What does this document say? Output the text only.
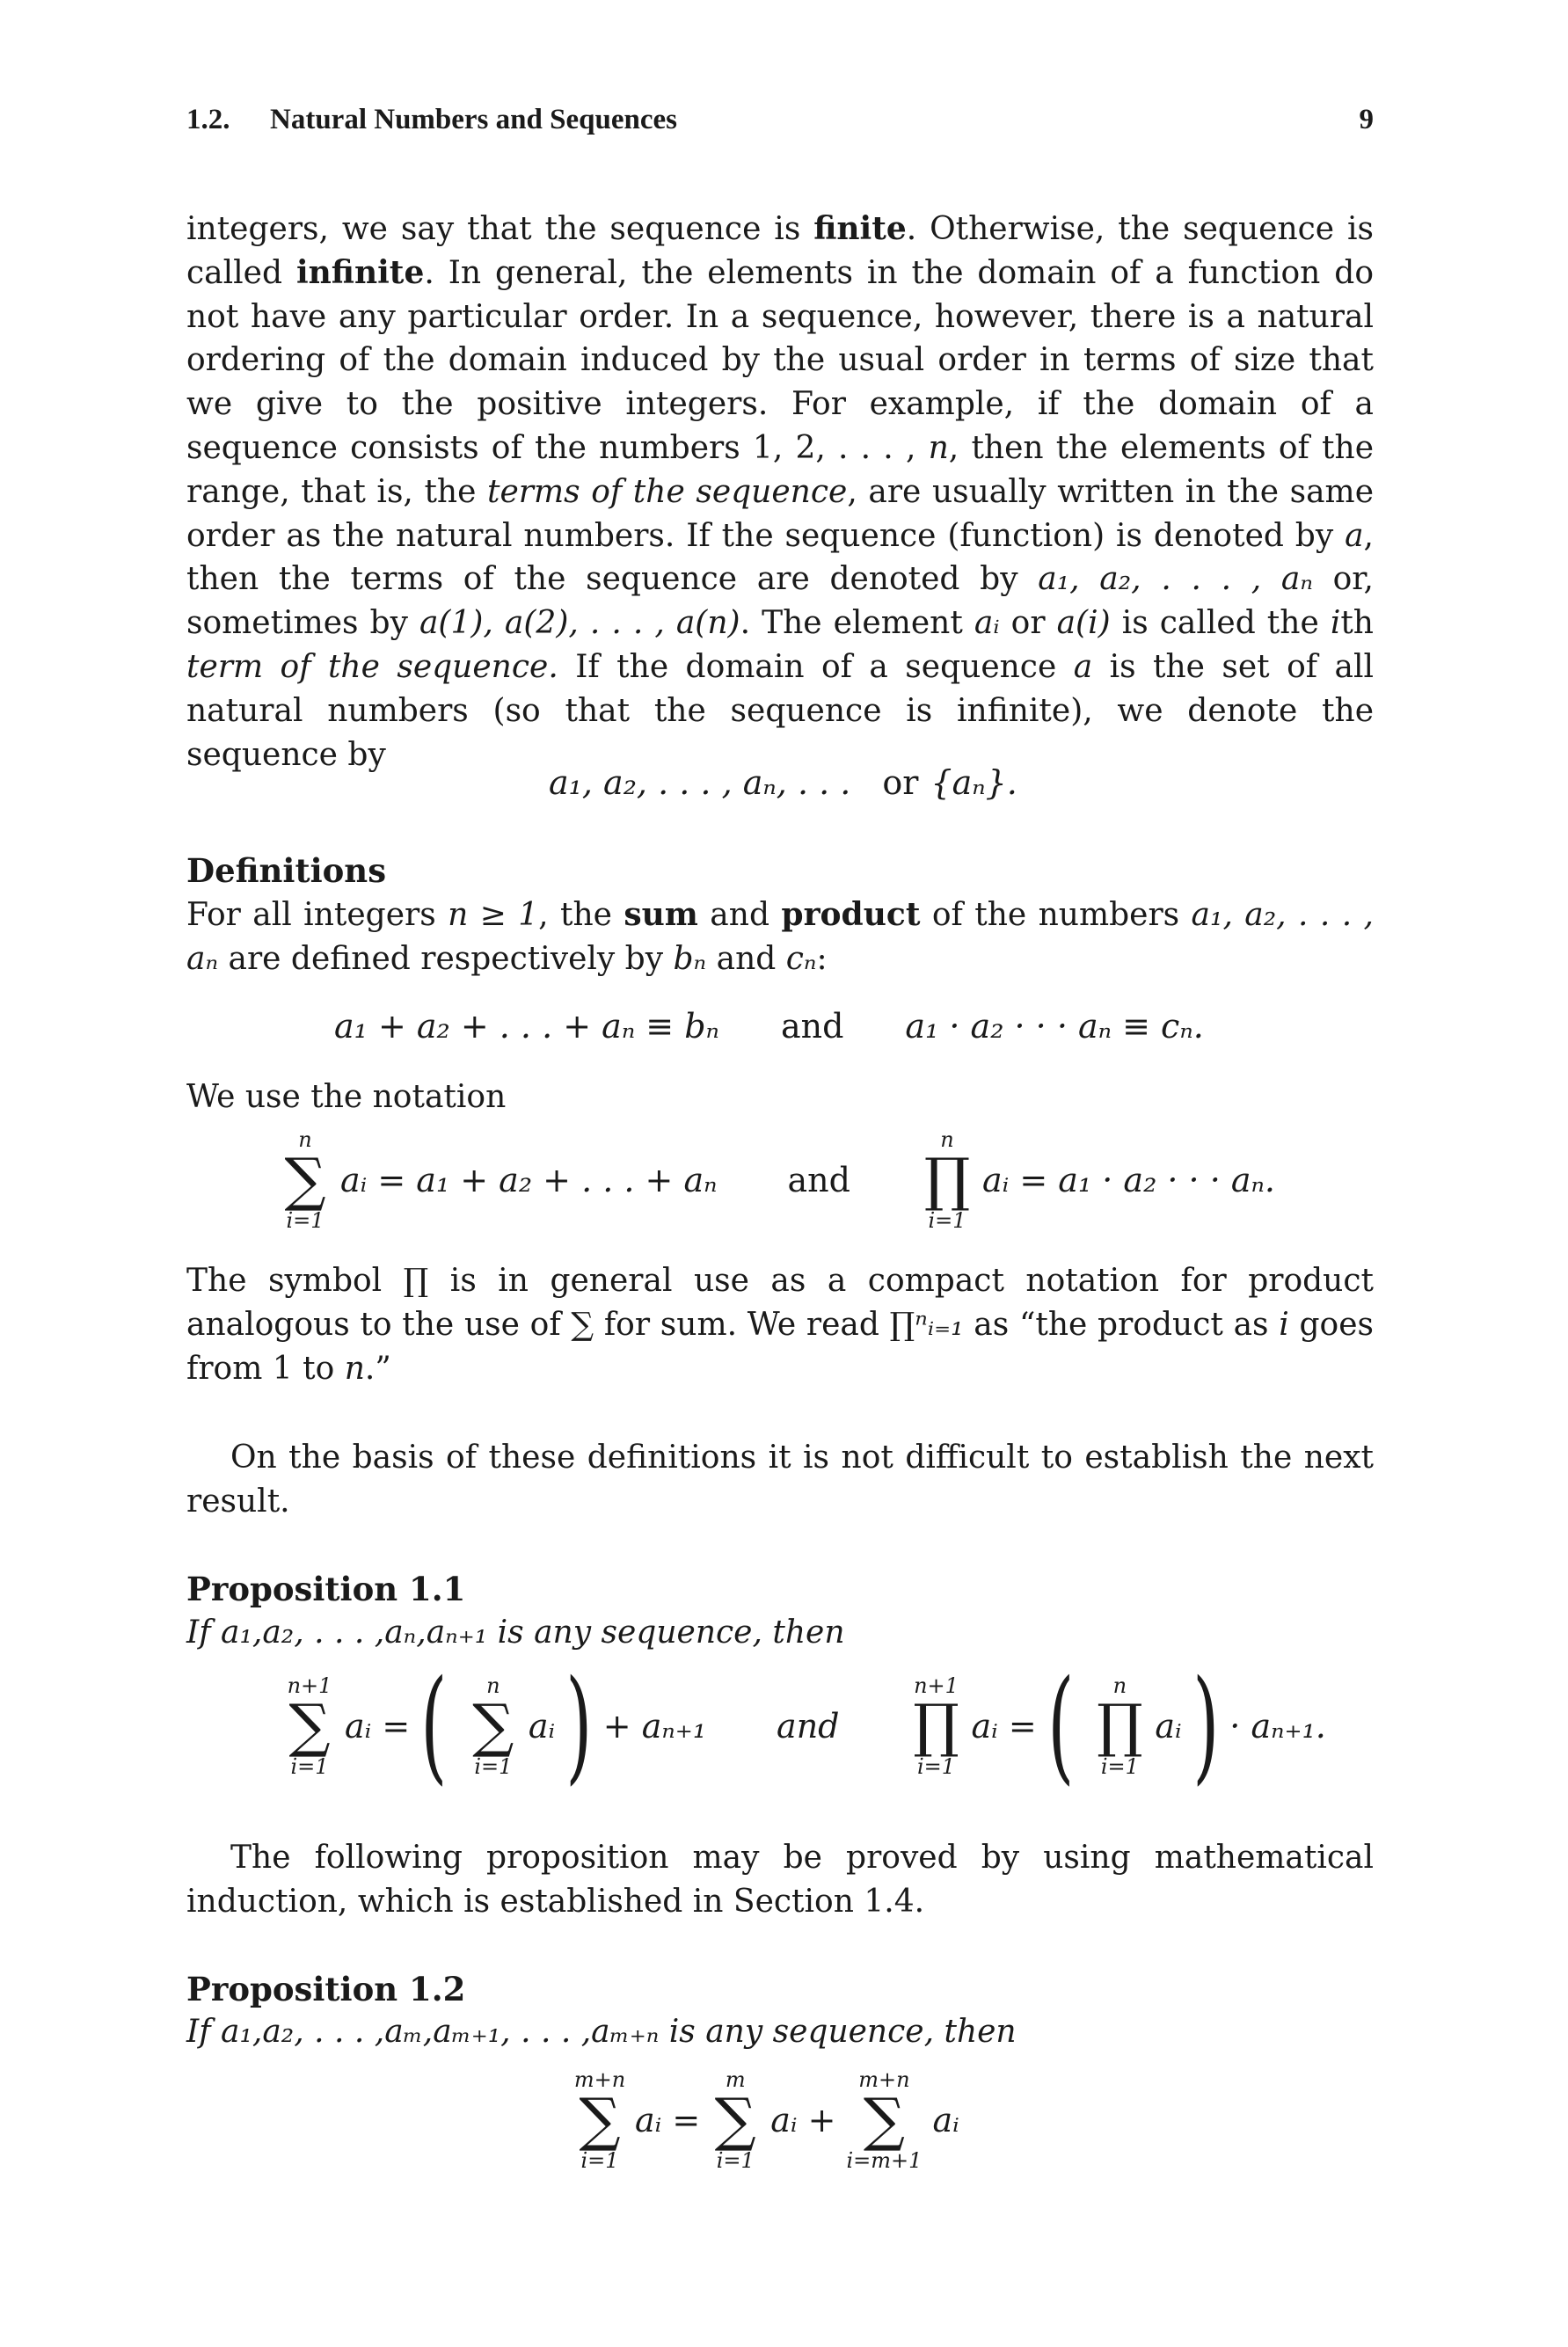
1.2. Natural Numbers and Sequences	9
integers, we say that the sequence is finite. Otherwise, the sequence is called infinite. In general, the elements in the domain of a function do not have any particular order. In a sequence, however, there is a natural ordering of the domain induced by the usual order in terms of size that we give to the positive integers. For example, if the domain of a sequence consists of the numbers 1, 2, . . . , n, then the elements of the range, that is, the terms of the sequence, are usually written in the same order as the natural numbers. If the sequence (function) is denoted by a, then the terms of the sequence are denoted by a₁, a₂, . . . , aₙ or, sometimes by a(1), a(2), . . . , a(n). The element aᵢ or a(i) is called the ith term of the sequence. If the domain of a sequence a is the set of all natural numbers (so that the sequence is infinite), we denote the sequence by
a₁, a₂, . . . , aₙ, . . . or {aₙ}.
Definitions
For all integers n ≥ 1, the sum and product of the numbers a₁, a₂, . . . , aₙ are defined respectively by bₙ and cₙ:
a₁ + a₂ + . . . + aₙ ≡ bₙ and a₁ · a₂ · · · aₙ ≡ cₙ.
We use the notation
n
∑
i=1
aᵢ = a₁ + a₂ + . . . + aₙ and
n
∏
i=1
aᵢ = a₁ · a₂ · · · aₙ.
The symbol ∏ is in general use as a compact notation for product analogous to the use of ∑ for sum. We read ∏ⁿᵢ₌₁ as “the product as i goes from 1 to n.”
On the basis of these definitions it is not difficult to establish the next result.
Proposition 1.1
If a₁,a₂, . . . ,aₙ,aₙ₊₁ is any sequence, then
n+1
∑
i=1
aᵢ = (	n
∑
i=1
aᵢ ) + aₙ₊₁ and
n+1
∏
i=1
aᵢ = (	n
∏
i=1
aᵢ ) · aₙ₊₁.
The following proposition may be proved by using mathematical induction, which is established in Section 1.4.
Proposition 1.2
If a₁,a₂, . . . ,aₘ,aₘ₊₁, . . . ,aₘ₊ₙ is any sequence, then
m+n
∑
i=1
aᵢ =
m
∑
i=1
aᵢ +
m+n
∑
i=m+1
aᵢ
